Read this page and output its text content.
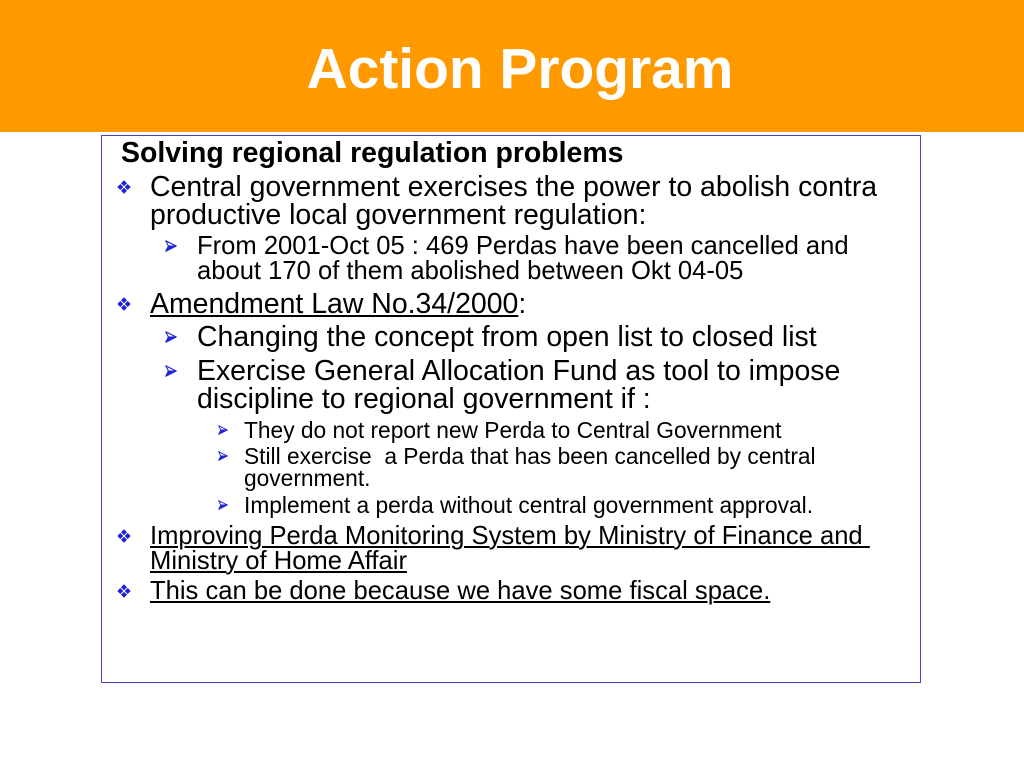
Action Program
Solving regional regulation problems
Central government exercises the power to abolish contra productive local government regulation:
From 2001-Oct 05 : 469 Perdas have been cancelled and about 170 of them abolished between Okt 04-05
Amendment Law No.34/2000:
Changing the concept from open list to closed list
Exercise General Allocation Fund as tool to impose discipline to regional government if :
They do not report new Perda to Central Government
Still exercise  a Perda that has been cancelled by central government.
Implement a perda without central government approval.
Improving Perda Monitoring System by Ministry of Finance and Ministry of Home Affair
This can be done because we have some fiscal space.
